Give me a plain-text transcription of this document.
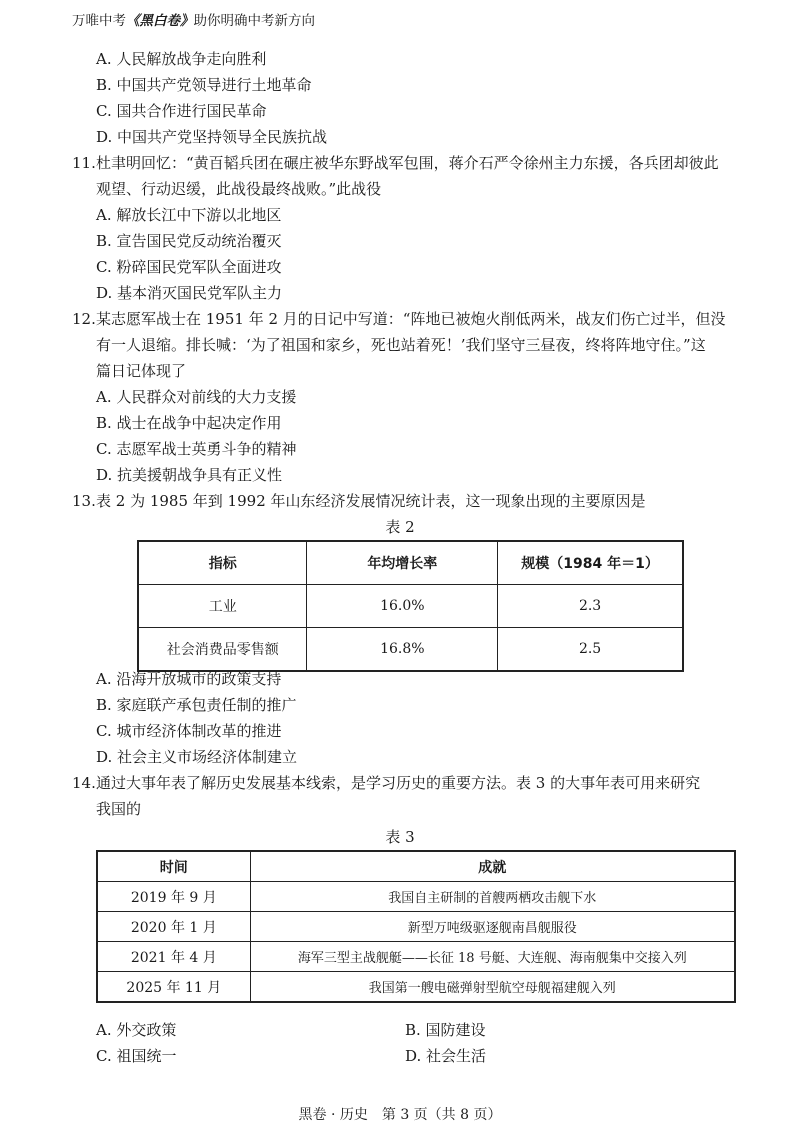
万唯中考《黑白卷》助你明确中考新方向
A. 人民解放战争走向胜利
B. 中国共产党领导进行土地革命
C. 国共合作进行国民革命
D. 中国共产党坚持领导全民族抗战
11.杜聿明回忆：“黄百韬兵团在碾庄被华东野战军包围，蒋介石严令徐州主力东援，各兵团却彼此
观望、行动迟缓，此战役最终战败。”此战役
A. 解放长江中下游以北地区
B. 宣告国民党反动统治覆灭
C. 粉碎国民党军队全面进攻
D. 基本消灭国民党军队主力
12.某志愿军战士在 1951 年 2 月的日记中写道：“阵地已被炮火削低两米，战友们伤亡过半，但没
有一人退缩。排长喊：‘为了祖国和家乡，死也站着死！’我们坚守三昼夜，终将阵地守住。”这
篇日记体现了
A. 人民群众对前线的大力支援
B. 战士在战争中起决定作用
C. 志愿军战士英勇斗争的精神
D. 抗美援朝战争具有正义性
13.表 2 为 1985 年到 1992 年山东经济发展情况统计表，这一现象出现的主要原因是
表 2
指标	年均增长率	规模（1984 年＝1）
工业	16.0%	2.3
社会消费品零售额	16.8%	2.5
A. 沿海开放城市的政策支持
B. 家庭联产承包责任制的推广
C. 城市经济体制改革的推进
D. 社会主义市场经济体制建立
14.通过大事年表了解历史发展基本线索，是学习历史的重要方法。表 3 的大事年表可用来研究
我国的
表 3
时间	成就
2019 年 9 月	我国自主研制的首艘两栖攻击舰下水
2020 年 1 月	新型万吨级驱逐舰南昌舰服役
2021 年 4 月	海军三型主战舰艇——长征 18 号艇、大连舰、海南舰集中交接入列
2025 年 11 月	我国第一艘电磁弹射型航空母舰福建舰入列
A. 外交政策	B. 国防建设
C. 祖国统一	D. 社会生活
黑卷 · 历史　第 3 页（共 8 页）
